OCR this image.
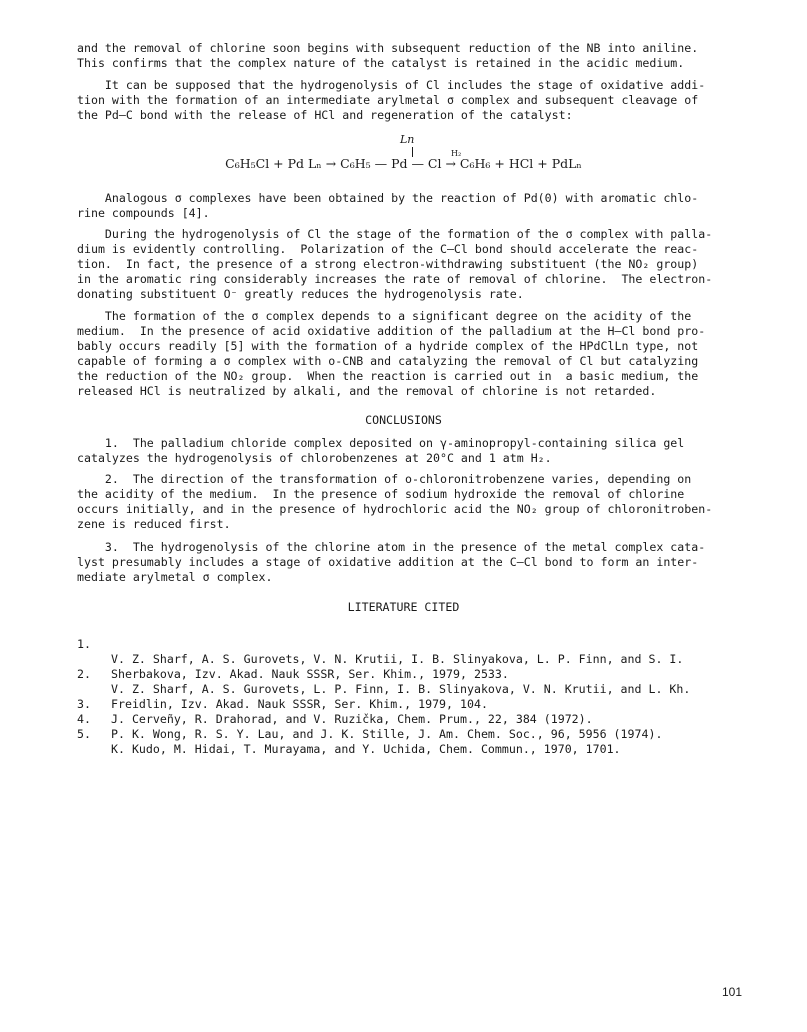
and the removal of chlorine soon begins with subsequent reduction of the NB into aniline.
This confirms that the complex nature of the catalyst is retained in the acidic medium.

It can be supposed that the hydrogenolysis of Cl includes the stage of oxidative addi-
tion with the formation of an intermediate arylmetal σ complex and subsequent cleavage of
the Pd—C bond with the release of HCl and regeneration of the catalyst:

Ln
H₂
C₆H₅Cl + Pd Lₙ → C₆H₅ — Pd — Cl → C₆H₆ + HCl + PdLₙ

Analogous σ complexes have been obtained by the reaction of Pd(0) with aromatic chlo-
rine compounds [4].

During the hydrogenolysis of Cl the stage of the formation of the σ complex with palla-
dium is evidently controlling.  Polarization of the C—Cl bond should accelerate the reac-
tion.  In fact, the presence of a strong electron-withdrawing substituent (the NO₂ group)
in the aromatic ring considerably increases the rate of removal of chlorine.  The electron-
donating substituent O⁻ greatly reduces the hydrogenolysis rate.

The formation of the σ complex depends to a significant degree on the acidity of the
medium.  In the presence of acid oxidative addition of the palladium at the H—Cl bond pro-
bably occurs readily [5] with the formation of a hydride complex of the HPdClLn type, not
capable of forming a σ complex with o-CNB and catalyzing the removal of Cl but catalyzing
the reduction of the NO₂ group.  When the reaction is carried out in  a basic medium, the
released HCl is neutralized by alkali, and the removal of chlorine is not retarded.

CONCLUSIONS

1.  The palladium chloride complex deposited on γ-aminopropyl-containing silica gel
catalyzes the hydrogenolysis of chlorobenzenes at 20°C and 1 atm H₂.

2.  The direction of the transformation of o-chloronitrobenzene varies, depending on
the acidity of the medium.  In the presence of sodium hydroxide the removal of chlorine
occurs initially, and in the presence of hydrochloric acid the NO₂ group of chloronitroben-
zene is reduced first.

3.  The hydrogenolysis of the chlorine atom in the presence of the metal complex cata-
lyst presumably includes a stage of oxidative addition at the C—Cl bond to form an inter-
mediate arylmetal σ complex.

LITERATURE CITED

1.

V. Z. Sharf, A. S. Gurovets, V. N. Krutii, I. B. Slinyakova, L. P. Finn, and S. I.
Sherbakova, Izv. Akad. Nauk SSSR, Ser. Khim., 1979, 2533.

2.

V. Z. Sharf, A. S. Gurovets, L. P. Finn, I. B. Slinyakova, V. N. Krutii, and L. Kh.
Freidlin, Izv. Akad. Nauk SSSR, Ser. Khim., 1979, 104.

3.

J. Cerveñy, R. Drahorad, and V. Ruzička, Chem. Prum., 22, 384 (1972).

4.

P. K. Wong, R. S. Y. Lau, and J. K. Stille, J. Am. Chem. Soc., 96, 5956 (1974).

5.

K. Kudo, M. Hidai, T. Murayama, and Y. Uchida, Chem. Commun., 1970, 1701.

101
